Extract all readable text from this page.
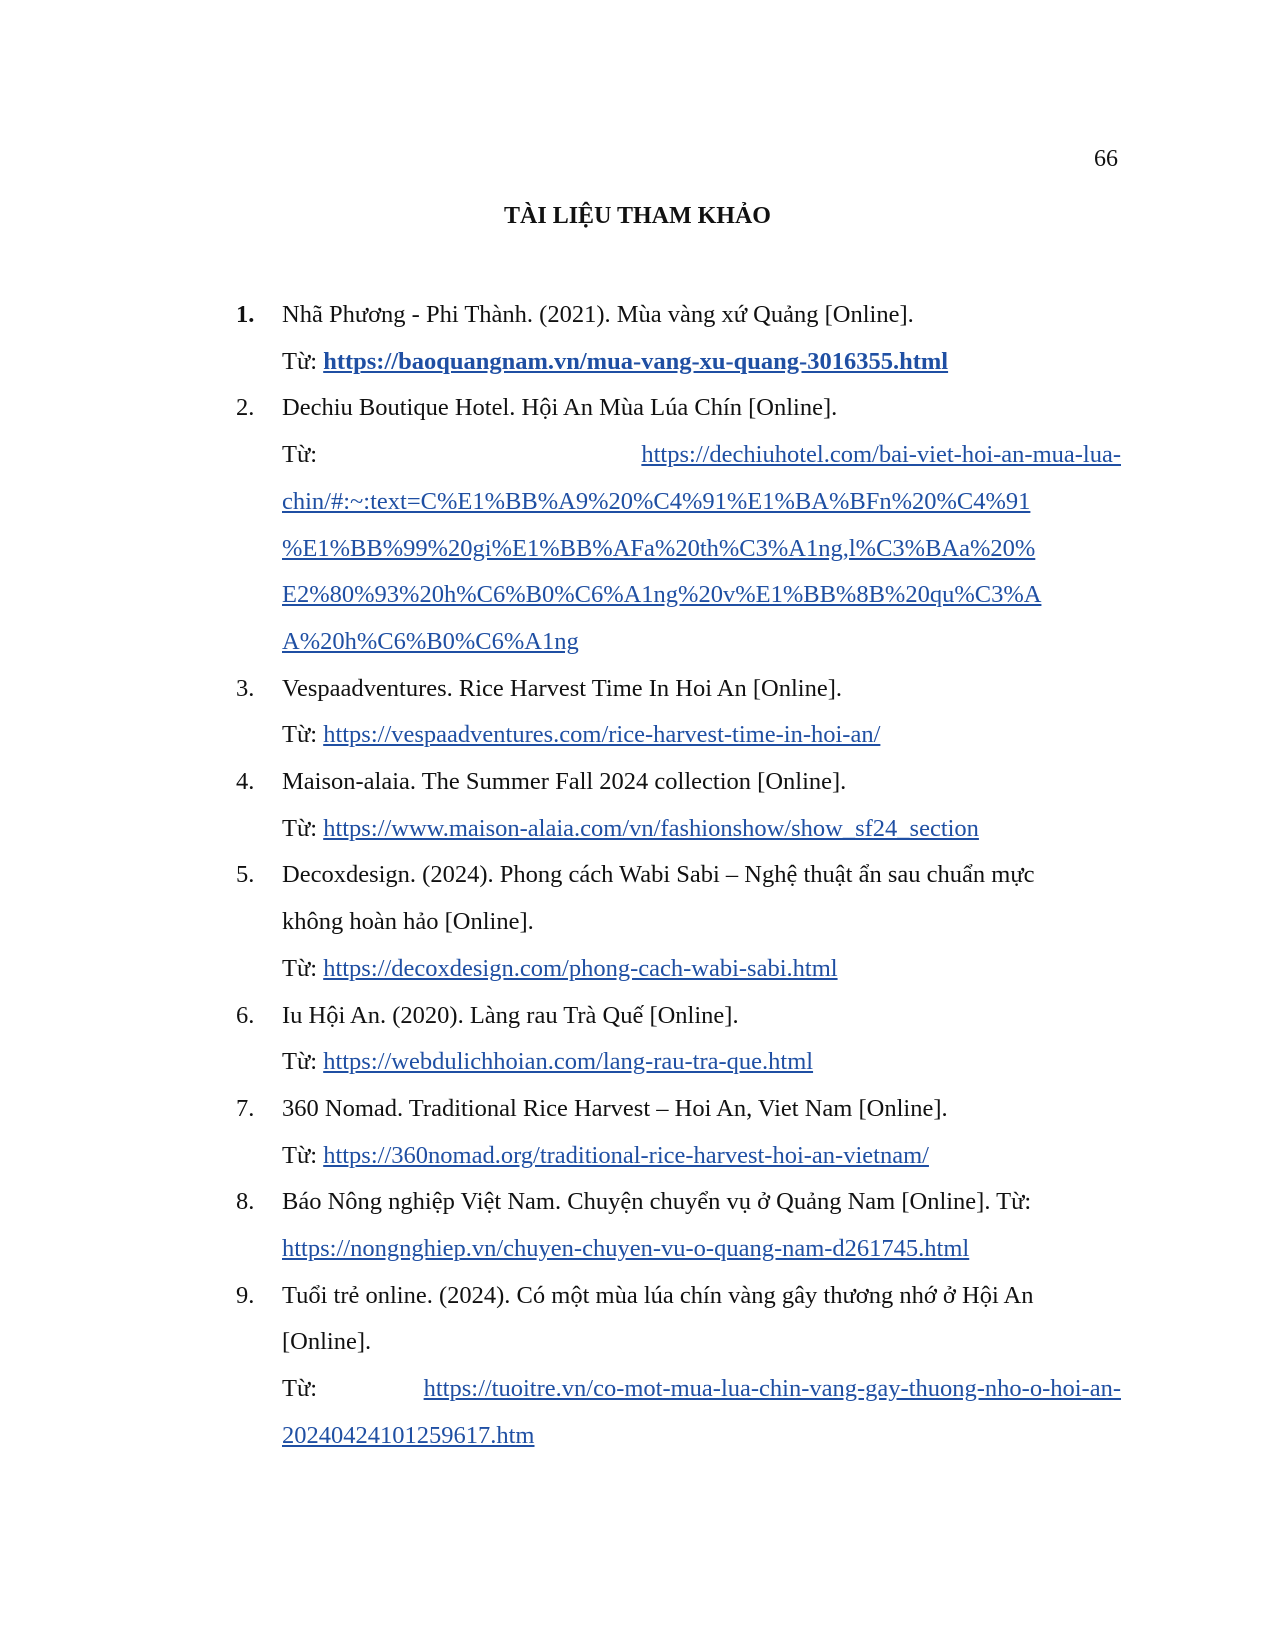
66
TÀI LIỆU THAM KHẢO
1. Nhã Phương - Phi Thành. (2021). Mùa vàng xứ Quảng [Online].
Từ: https://baoquangnam.vn/mua-vang-xu-quang-3016355.html
2. Dechiu Boutique Hotel. Hội An Mùa Lúa Chín [Online].
Từ:	https://dechiuhotel.com/bai-viet-hoi-an-mua-lua-
chin/#:~:text=C%E1%BB%A9%20%C4%91%E1%BA%BFn%20%C4%91
%E1%BB%99%20gi%E1%BB%AFa%20th%C3%A1ng,l%C3%BAa%20%
E2%80%93%20h%C6%B0%C6%A1ng%20v%E1%BB%8B%20qu%C3%A
A%20h%C6%B0%C6%A1ng
3. Vespaadventures. Rice Harvest Time In Hoi An [Online].
Từ: https://vespaadventures.com/rice-harvest-time-in-hoi-an/
4. Maison-alaia. The Summer Fall 2024 collection [Online].
Từ: https://www.maison-alaia.com/vn/fashionshow/show_sf24_section
5. Decoxdesign. (2024). Phong cách Wabi Sabi – Nghệ thuật ẩn sau chuẩn mực
không hoàn hảo [Online].
Từ: https://decoxdesign.com/phong-cach-wabi-sabi.html
6. Iu Hội An. (2020). Làng rau Trà Quế [Online].
Từ: https://webdulichhoian.com/lang-rau-tra-que.html
7. 360 Nomad. Traditional Rice Harvest – Hoi An, Viet Nam [Online].
Từ: https://360nomad.org/traditional-rice-harvest-hoi-an-vietnam/
8. Báo Nông nghiệp Việt Nam. Chuyện chuyển vụ ở Quảng Nam [Online]. Từ:
https://nongnghiep.vn/chuyen-chuyen-vu-o-quang-nam-d261745.html
9. Tuổi trẻ online. (2024). Có một mùa lúa chín vàng gây thương nhớ ở Hội An
[Online].
Từ:	https://tuoitre.vn/co-mot-mua-lua-chin-vang-gay-thuong-nho-o-hoi-an-
20240424101259617.htm
